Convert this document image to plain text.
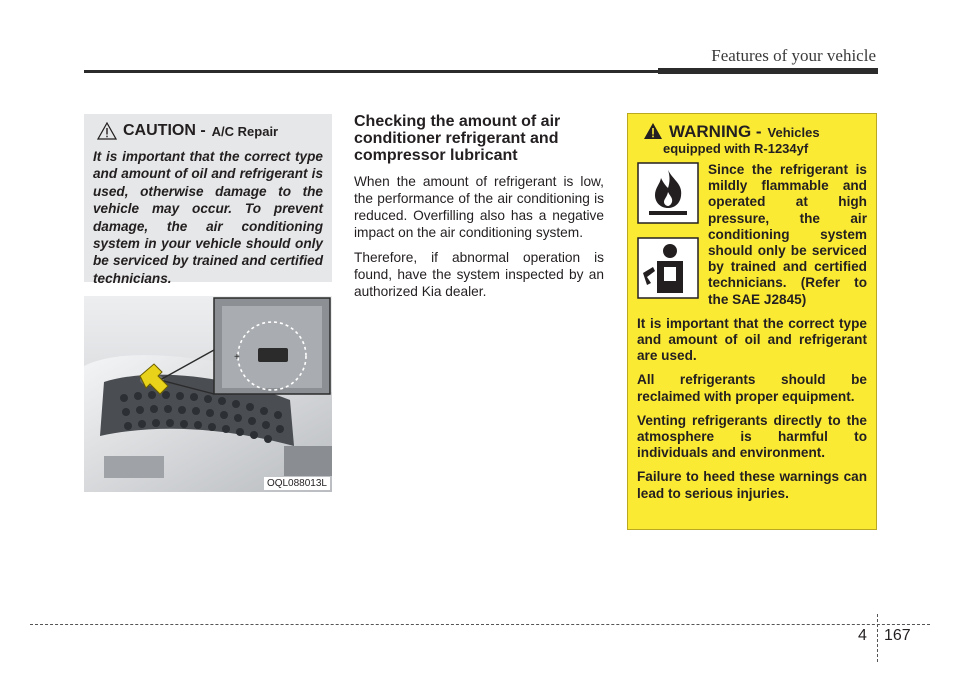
Features of your vehicle
CAUTION - A/C Repair
It is important that the correct type and amount of oil and refrigerant is used, otherwise damage to the vehicle may occur. To prevent damage, the air conditioning system in your vehicle should only be serviced by trained and certified technicians.
+
OQL088013L
Checking the amount of air conditioner refrigerant and compressor lubricant

When the amount of refrigerant is low, the performance of the air conditioning is reduced. Overfilling also has a negative impact on the air conditioning system.

Therefore, if abnormal operation is found, have the system inspected by an authorized Kia dealer.

WARNING - Vehicles
equipped with R-1234yf

Since the refrigerant is mildly flammable and operated at high pressure, the air conditioning system should only be serviced by trained and certified technicians. (Refer to the SAE J2845)

It is important that the correct type and amount of oil and refrigerant are used.

All refrigerants should be reclaimed with proper equipment.

Venting refrigerants directly to the atmosphere is harmful to individuals and environment.

Failure to heed these warnings can lead to serious injuries.

4 167
